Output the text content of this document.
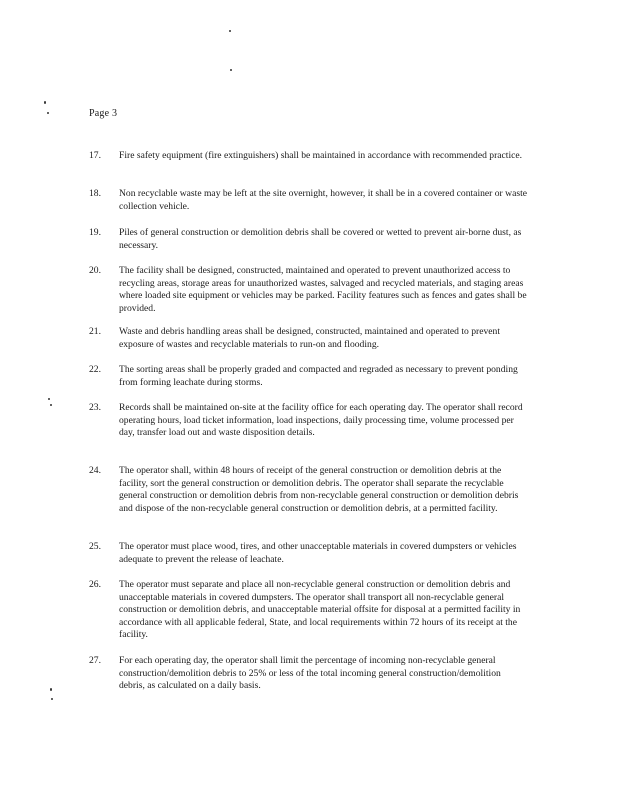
Page 3
17.	Fire safety equipment (fire extinguishers) shall be maintained in accordance with recommended practice.
18.	Non recyclable waste may be left at the site overnight, however, it shall be in a covered container or waste collection vehicle.
19.	Piles of general construction or demolition debris shall be covered or wetted to prevent air-borne dust, as necessary.
20.	The facility shall be designed, constructed, maintained and operated to prevent unauthorized access to recycling areas, storage areas for unauthorized wastes, salvaged and recycled materials, and staging areas where loaded site equipment or vehicles may be parked. Facility features such as fences and gates shall be provided.
21.	Waste and debris handling areas shall be designed, constructed, maintained and operated to prevent exposure of wastes and recyclable materials to run-on and flooding.
22.	The sorting areas shall be properly graded and compacted and regraded as necessary to prevent ponding from forming leachate during storms.
23.	Records shall be maintained on-site at the facility office for each operating day. The operator shall record operating hours, load ticket information, load inspections, daily processing time, volume processed per day, transfer load out and waste disposition details.
24.	The operator shall, within 48 hours of receipt of the general construction or demolition debris at the facility, sort the general construction or demolition debris. The operator shall separate the recyclable general construction or demolition debris from non-recyclable general construction or demolition debris and dispose of the non-recyclable general construction or demolition debris, at a permitted facility.
25.	The operator must place wood, tires, and other unacceptable materials in covered dumpsters or vehicles adequate to prevent the release of leachate.
26.	The operator must separate and place all non-recyclable general construction or demolition debris and unacceptable materials in covered dumpsters. The operator shall transport all non-recyclable general construction or demolition debris, and unacceptable material offsite for disposal at a permitted facility in accordance with all applicable federal, State, and local requirements within 72 hours of its receipt at the facility.
27.	For each operating day, the operator shall limit the percentage of incoming non-recyclable general construction/demolition debris to 25% or less of the total incoming general construction/demolition debris, as calculated on a daily basis.
